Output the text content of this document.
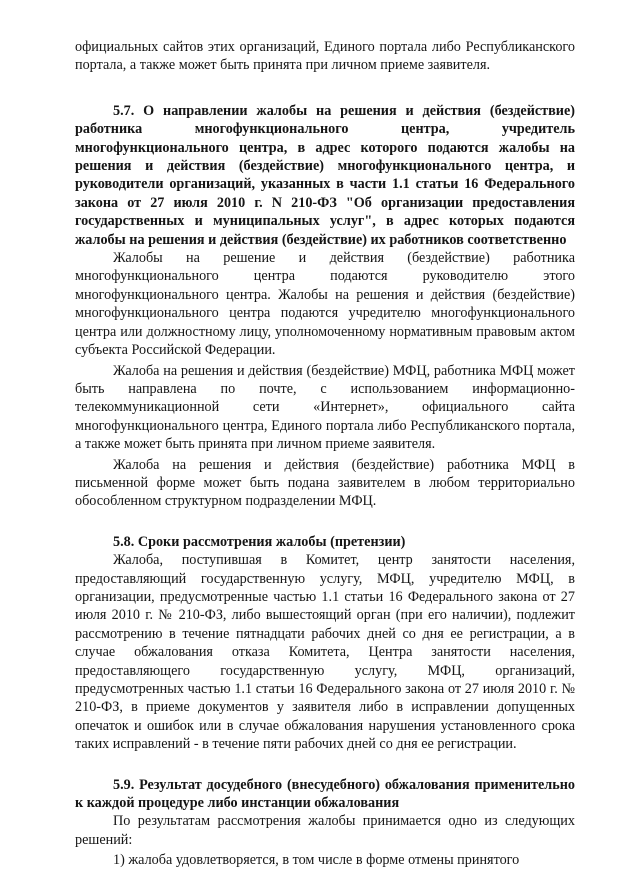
официальных сайтов этих организаций, Единого портала либо Республиканского портала, а также может быть принята при личном приеме заявителя.

5.7. О направлении жалобы на решения и действия (бездействие) работника многофункционального центра, учредитель многофункционального центра, в адрес которого подаются жалобы на решения и действия (бездействие) многофункционального центра, и руководители организаций, указанных в части 1.1 статьи 16 Федерального закона от 27 июля 2010 г. N 210-ФЗ "Об организации предоставления государственных и муниципальных услуг", в адрес которых подаются жалобы на решения и действия (бездействие) их работников соответственно

Жалобы на решение и действия (бездействие) работника многофункционального центра подаются руководителю этого многофункционального центра. Жалобы на решения и действия (бездействие) многофункционального центра подаются учредителю многофункционального центра или должностному лицу, уполномоченному нормативным правовым актом субъекта Российской Федерации.

Жалоба на решения и действия (бездействие) МФЦ, работника МФЦ может быть направлена по почте, с использованием информационно-телекоммуникационной сети «Интернет», официального сайта многофункционального центра, Единого портала либо Республиканского портала, а также может быть принята при личном приеме заявителя.

Жалоба на решения и действия (бездействие) работника МФЦ в письменной форме может быть подана заявителем в любом территориально обособленном структурном подразделении МФЦ.

5.8. Сроки рассмотрения жалобы (претензии)

Жалоба, поступившая в Комитет, центр занятости населения, предоставляющий государственную услугу, МФЦ, учредителю МФЦ, в организации, предусмотренные частью 1.1 статьи 16 Федерального закона от 27 июля 2010 г. № 210-ФЗ, либо вышестоящий орган (при его наличии), подлежит рассмотрению в течение пятнадцати рабочих дней со дня ее регистрации, а в случае обжалования отказа Комитета, Центра занятости населения, предоставляющего государственную услугу, МФЦ, организаций, предусмотренных частью 1.1 статьи 16 Федерального закона от 27 июля 2010 г. № 210-ФЗ, в приеме документов у заявителя либо в исправлении допущенных опечаток и ошибок или в случае обжалования нарушения установленного срока таких исправлений - в течение пяти рабочих дней со дня ее регистрации.

5.9. Результат досудебного (внесудебного) обжалования применительно к каждой процедуре либо инстанции обжалования

По результатам рассмотрения жалобы принимается одно из следующих решений:

1) жалоба удовлетворяется, в том числе в форме отмены принятого
